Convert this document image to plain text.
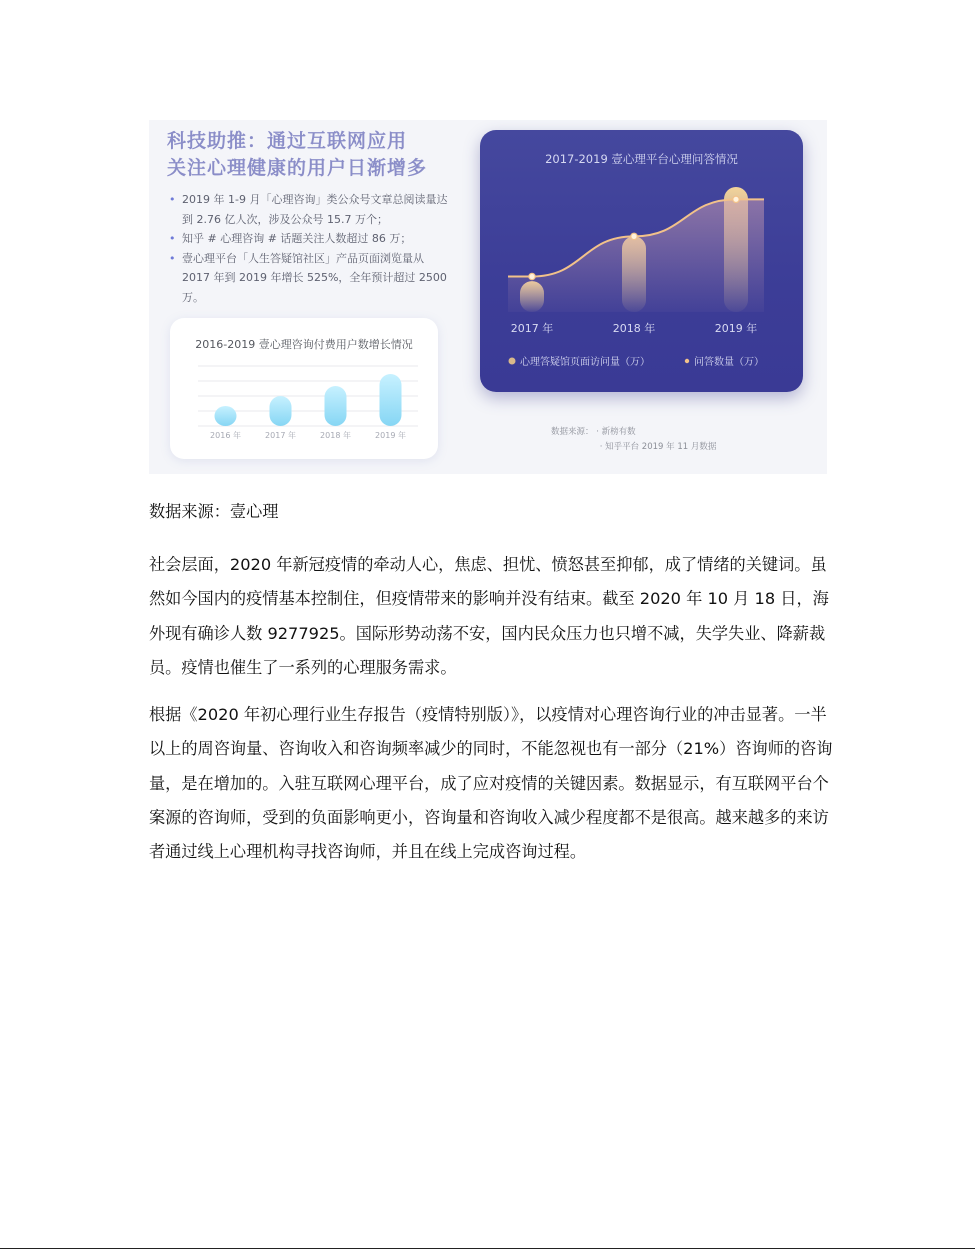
科技助推：通过互联网应用
关注心理健康的用户日渐增多
• 2019 年 1-9 月「心理咨询」类公众号文章总阅读量达到 2.76 亿人次，涉及公众号 15.7 万个；
• 知乎 # 心理咨询 # 话题关注人数超过 86 万；
• 壹心理平台「人生答疑馆社区」产品页面浏览量从 2017 年到 2019 年增长 525%，全年预计超过 2500 万。
2016-2019 壹心理咨询付费用户数增长情况
2016 年	2017 年	2018 年	2019 年
2017-2019 壹心理平台心理问答情况
2017 年	2018 年	2019 年
心理答疑馆页面访问量（万）	问答数量（万）
数据来源： · 新榜有数
· 知乎平台 2019 年 11 月数据

数据来源：壹心理

社会层面，2020 年新冠疫情的牵动人心，焦虑、担忧、愤怒甚至抑郁，成了情绪的关键词。虽然如今国内的疫情基本控制住，但疫情带来的影响并没有结束。截至 2020 年 10 月 18 日，海外现有确诊人数 9277925。国际形势动荡不安，国内民众压力也只增不减，失学失业、降薪裁员。疫情也催生了一系列的心理服务需求。

根据《2020 年初心理行业生存报告（疫情特别版）》，以疫情对心理咨询行业的冲击显著。一半以上的周咨询量、咨询收入和咨询频率减少的同时，不能忽视也有一部分（21%）咨询师的咨询量，是在增加的。入驻互联网心理平台，成了应对疫情的关键因素。数据显示，有互联网平台个案源的咨询师，受到的负面影响更小，咨询量和咨询收入减少程度都不是很高。越来越多的来访者通过线上心理机构寻找咨询师，并且在线上完成咨询过程。
